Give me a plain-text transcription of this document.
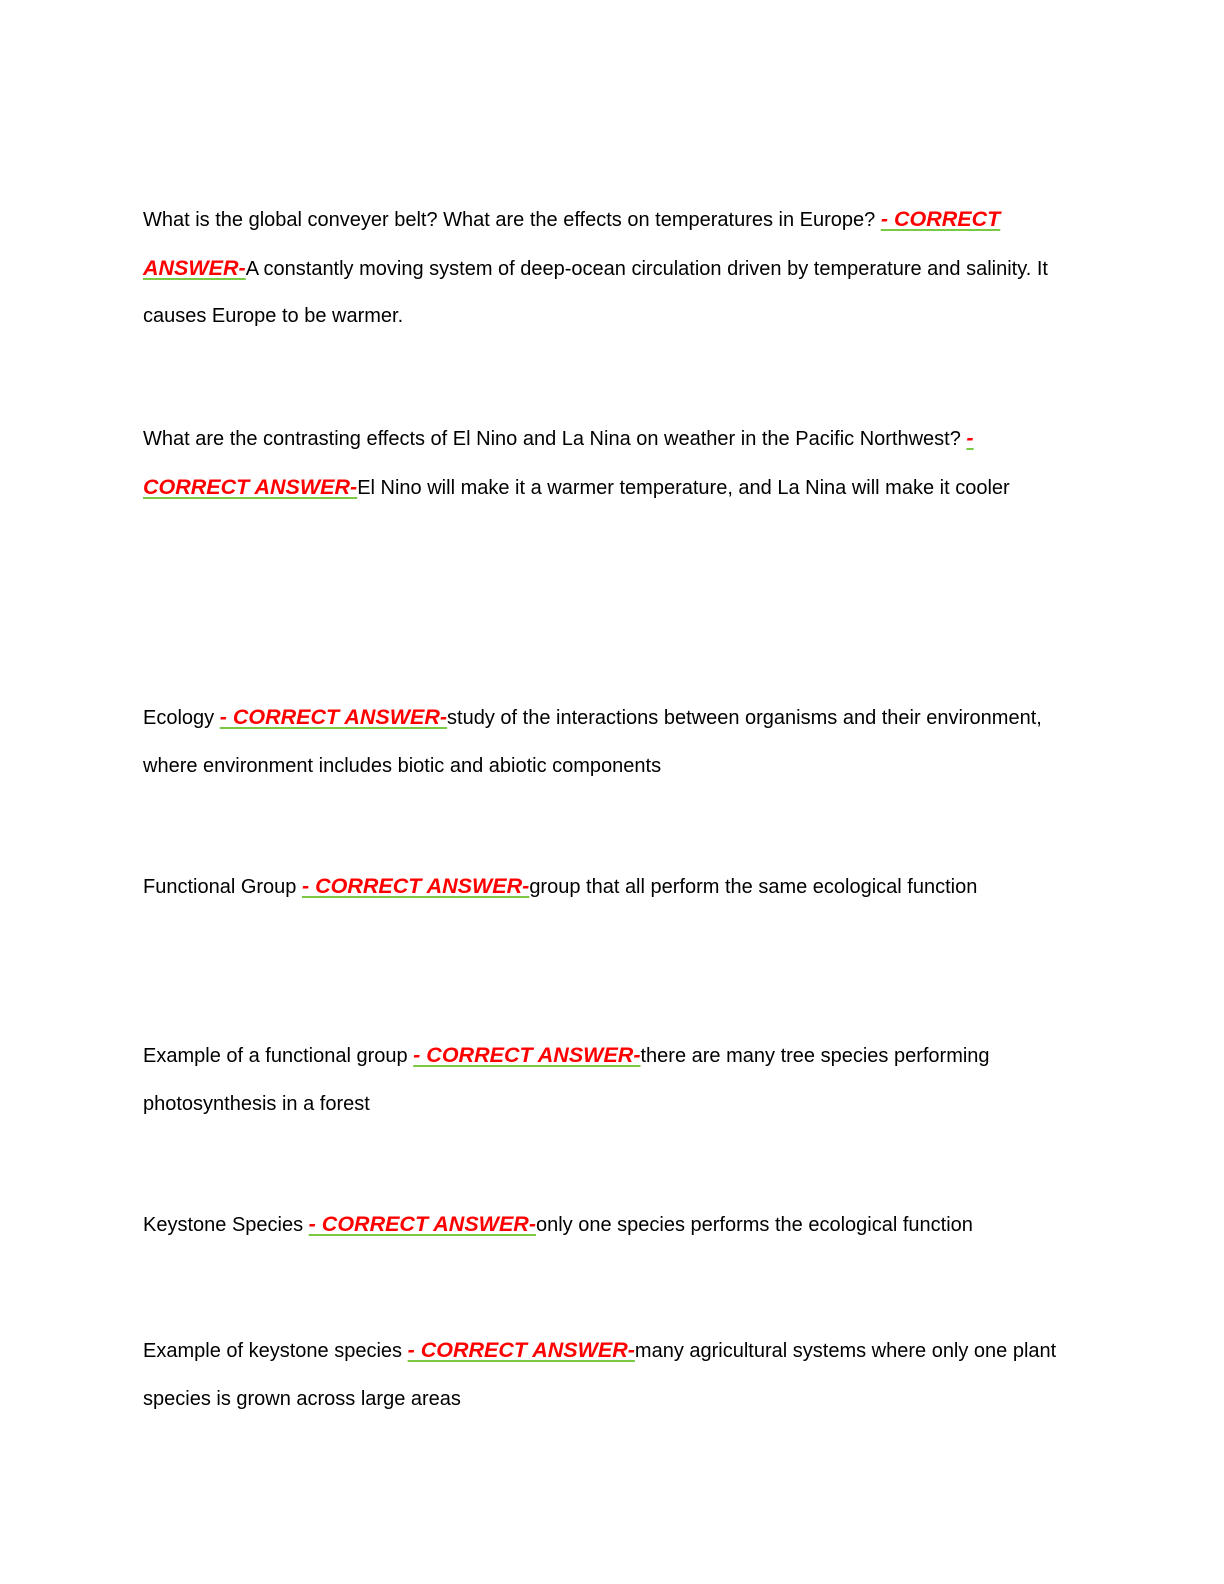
What is the global conveyer belt? What are the effects on temperatures in Europe? - CORRECT ANSWER-A constantly moving system of deep-ocean circulation driven by temperature and salinity. It causes Europe to be warmer.

What are the contrasting effects of El Nino and La Nina on weather in the Pacific Northwest? - CORRECT ANSWER-El Nino will make it a warmer temperature, and La Nina will make it cooler

Ecology - CORRECT ANSWER-study of the interactions between organisms and their environment, where environment includes biotic and abiotic components

Functional Group - CORRECT ANSWER-group that all perform the same ecological function

Example of a functional group - CORRECT ANSWER-there are many tree species performing photosynthesis in a forest

Keystone Species - CORRECT ANSWER-only one species performs the ecological function

Example of keystone species - CORRECT ANSWER-many agricultural systems where only one plant species is grown across large areas
